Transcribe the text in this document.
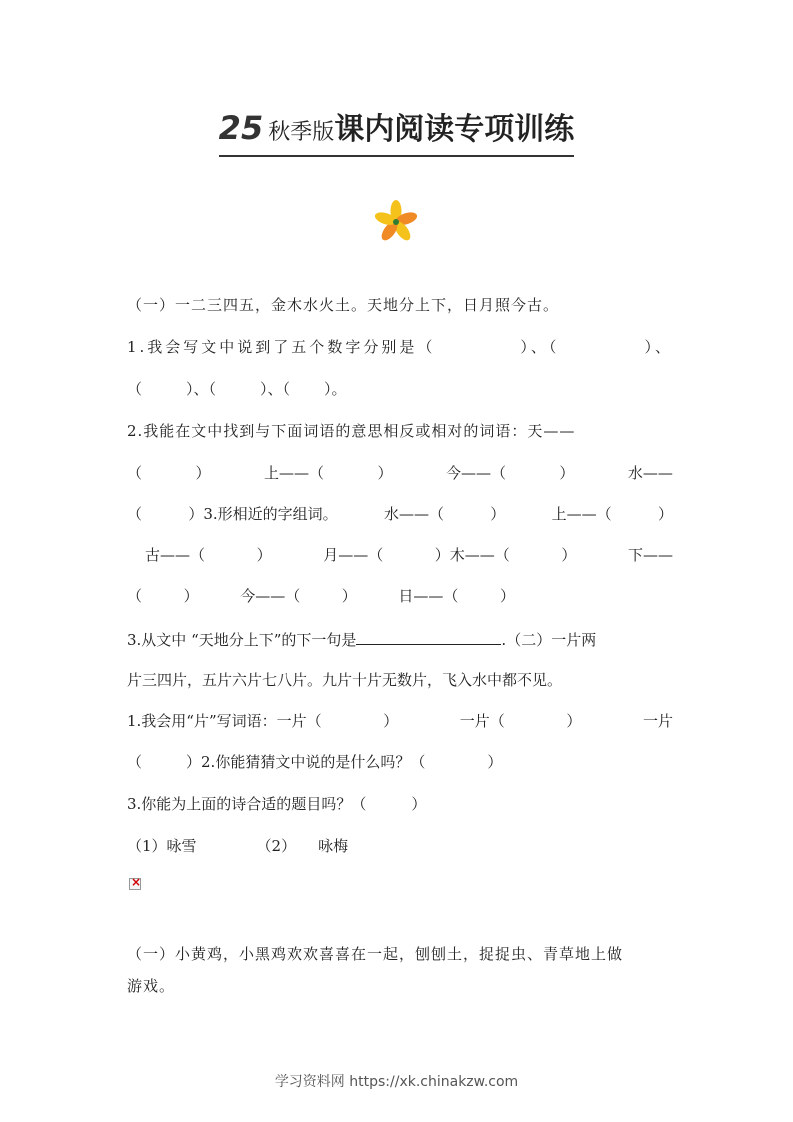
25 秋季版课内阅读专项训练
（一）一二三四五，金木水火土。天地分上下，日月照今古。
1.我会写文中说到了五个数字分别是（	）、（	）、
（	）、（	）、（ ）。
2.我能在文中找到与下面词语的意思相反或相对的词语：天——
（	）	上——（	）	今——（	）	水——
（	）3.形相近的字组词。	水——（	）	上——（	）
古——（	）	月——（	）木——（	）	下——
（	）	今——（	）	日——（	）
3.从文中 “天地分上下”的下一句是	.（二）一片两
片三四片，五片六片七八片。九片十片无数片，飞入水中都不见。
1.我会用“片”写词语：一片（	）	一片（	）	一片
（	）2.你能猜猜文中说的是什么吗？（	）
3.你能为上面的诗合适的题目吗？（　　　）
（1）咏雪	（2） 咏梅
×
（一）小黄鸡，小黑鸡欢欢喜喜在一起，刨刨土，捉捉虫、青草地上做
游戏。
学习资料网 https://xk.chinakzw.com
